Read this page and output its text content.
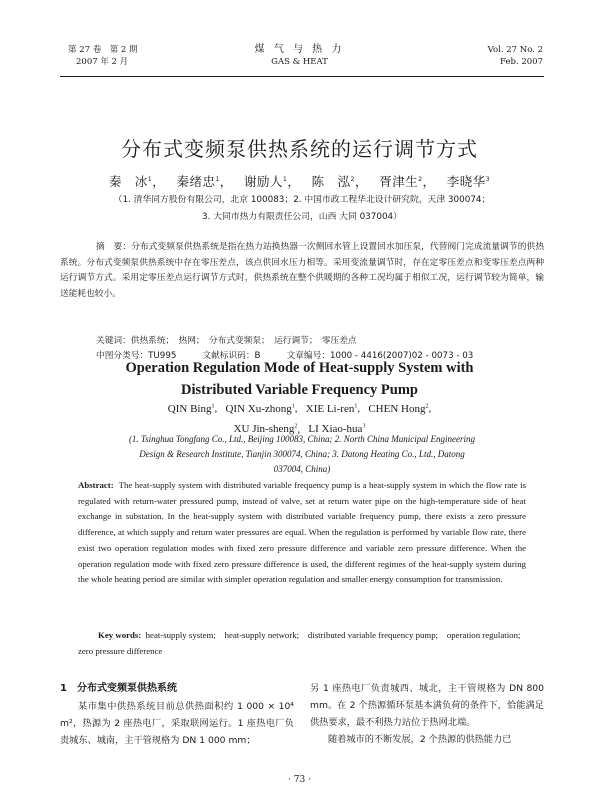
第 27 卷　第 2 期
2007 年 2 月
煤 气 与 热 力
GAS & HEAT
Vol. 27 No. 2
Feb. 2007
分布式变频泵供热系统的运行调节方式
秦　冰$^1$，　 秦绪忠$^1$，　 谢励人$^1$，　 陈　泓$^2$，　 胥津生$^2$，　 李晓华$^3$
（1. 清华同方股份有限公司，北京 100083；2. 中国市政工程华北设计研究院，天津 300074；
3. 大同市热力有限责任公司，山西 大同 037004）
摘　要：分布式变频泵供热系统是指在热力站换热器一次侧回水管上设置回水加压泵，代替阀门完成流量调节的供热系统。分布式变频泵供热系统中存在零压差点，该点供回水压力相等。采用变流量调节时，存在定零压差点和变零压差点两种运行调节方式。采用定零压差点运行调节方式时，供热系统在整个供暖期的各种工况均属于相似工况，运行调节较为简单，输送能耗也较小。
关键词：供热系统；　热网；　分布式变频泵；　运行调节；　零压差点
中图分类号：TU995　　　文献标识码：B　　　文章编号：1000 - 4416(2007)02 - 0073 - 03
Operation Regulation Mode of Heat-supply System with
Distributed Variable Frequency Pump
QIN Bing$^1$,   QIN Xu-zhong$^1$,   XIE Li-ren$^1$,   CHEN Hong$^2$,
XU Jin-sheng$^2$,   LI Xiao-hua$^3$
(1. Tsinghua Tongfang Co., Ltd., Beijing 100083, China; 2. North China Municipal Engineering
Design & Research Institute, Tianjin 300074, China; 3. Datong Heating Co., Ltd., Datong
037004, China)
Abstract: The heat-supply system with distributed variable frequency pump is a heat-supply system in which the flow rate is regulated with return-water pressured pump, instead of valve, set at return water pipe on the high-temperature side of heat exchange in substation. In the heat-supply system with distributed variable frequency pump, there exists a zero pressure difference, at which supply and return water pressures are equal. When the regulation is performed by variable flow rate, there exist two operation regulation modes with fixed zero pressure difference and variable zero pressure difference. When the operation regulation mode with fixed zero pressure difference is used, the different regimes of the heat-supply system during the whole heating period are similar with simpler operation regulation and smaller energy consumption for transmission.
Key words: heat-supply system;　heat-supply network;　distributed variable frequency pump;　operation regulation;　zero pressure difference
1　分布式变频泵供热系统
某市集中供热系统目前总供热面积约 1 000 × 10⁴ m²，热源为 2 座热电厂，采取联网运行。1 座热电厂负责城东、城南，主干管规格为 DN 1 000 mm；
另 1 座热电厂负责城西、城北，主干管规格为 DN 800 mm。在 2 个热源循环泵基本满负荷的条件下，恰能满足供热要求，最不利热力站位于热网北端。
随着城市的不断发展，2 个热源的供热能力已
· 73 ·
